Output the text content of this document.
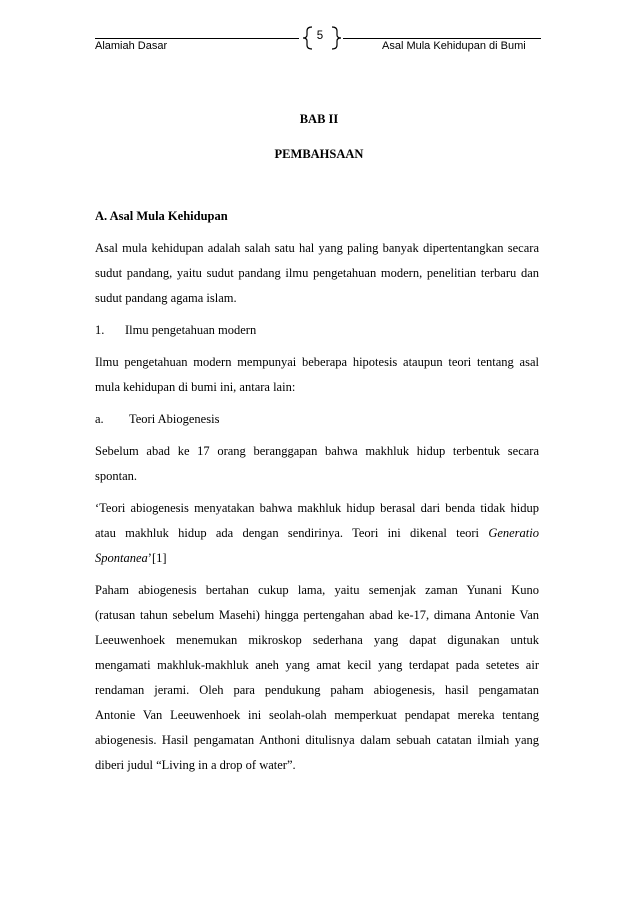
Alamiah Dasar
5
Asal Mula Kehidupan di Bumi
BAB II
PEMBAHSAAN
A. Asal Mula Kehidupan
Asal mula kehidupan adalah salah satu hal yang paling banyak dipertentangkan secara
sudut pandang, yaitu sudut pandang ilmu pengetahuan modern, penelitian terbaru dan
sudut pandang agama islam.
1. Ilmu pengetahuan modern
Ilmu pengetahuan modern mempunyai beberapa hipotesis ataupun teori tentang asal
mula kehidupan di bumi ini, antara lain:
a. Teori Abiogenesis
Sebelum abad ke 17 orang beranggapan bahwa makhluk hidup terbentuk secara
spontan.
‘Teori abiogenesis menyatakan bahwa makhluk hidup berasal dari benda tidak hidup
atau makhluk hidup ada dengan sendirinya. Teori ini dikenal teori Generatio
Spontanea’[1]
Paham abiogenesis bertahan cukup lama, yaitu semenjak zaman Yunani Kuno
(ratusan tahun sebelum Masehi) hingga pertengahan abad ke-17, dimana Antonie Van
Leeuwenhoek menemukan mikroskop sederhana yang dapat digunakan untuk
mengamati makhluk-makhluk aneh yang amat kecil yang terdapat pada setetes air
rendaman jerami. Oleh para pendukung paham abiogenesis, hasil pengamatan
Antonie Van Leeuwenhoek ini seolah-olah memperkuat pendapat mereka tentang
abiogenesis. Hasil pengamatan Anthoni ditulisnya dalam sebuah catatan ilmiah yang
diberi judul “Living in a drop of water”.
